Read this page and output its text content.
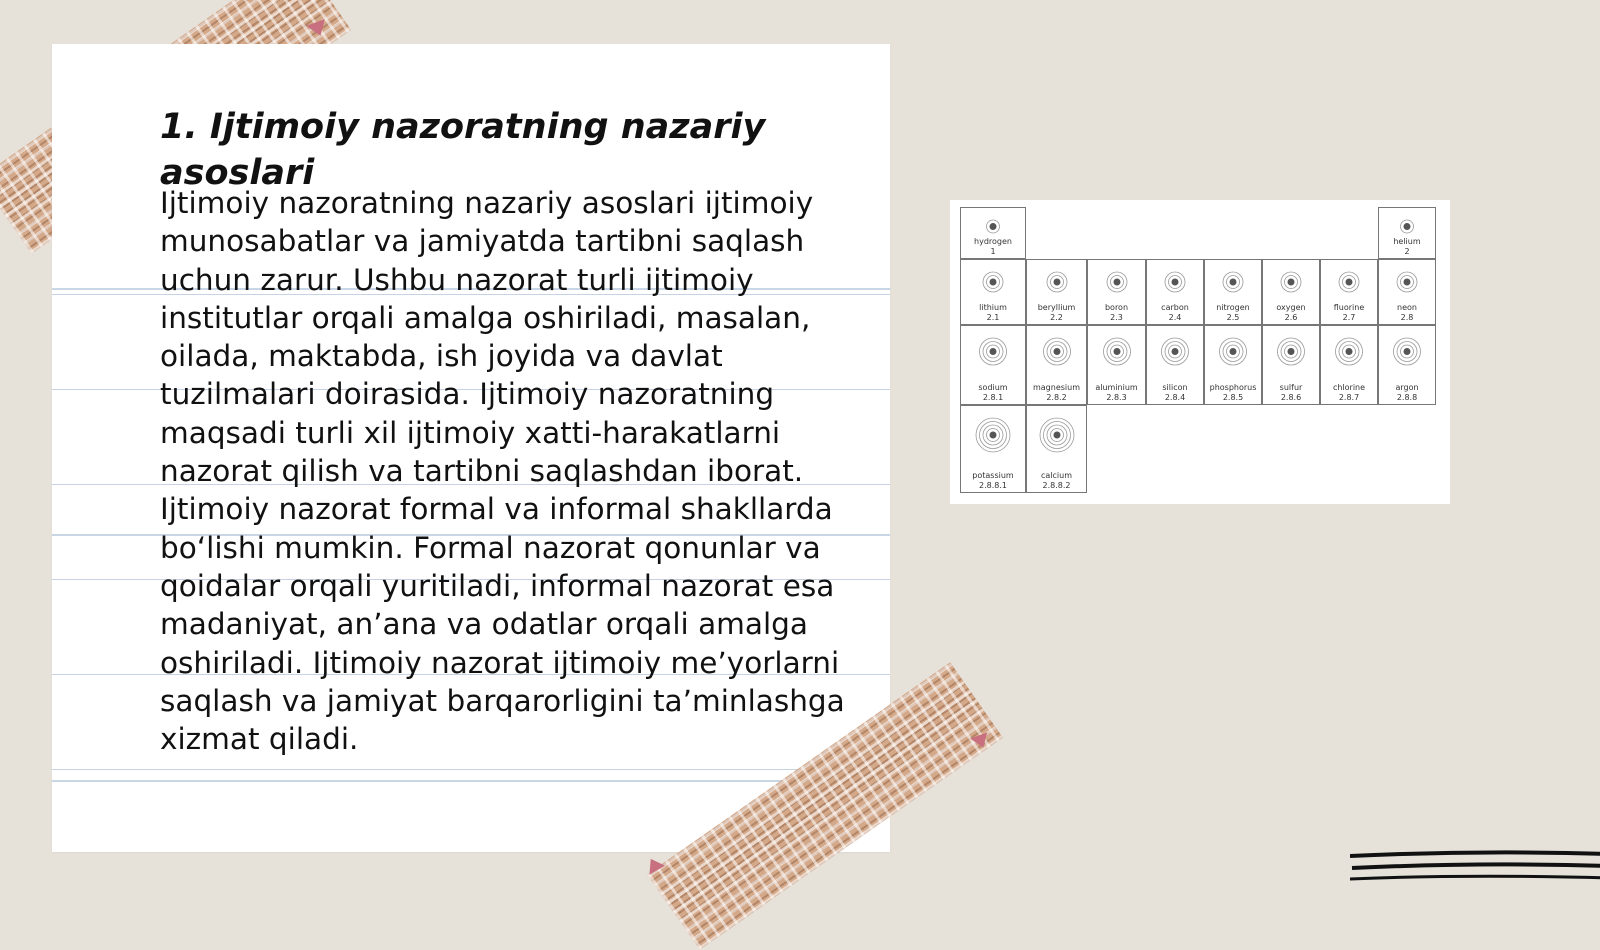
1. Ijtimoiy nazoratning nazariy asoslari

Ijtimoiy nazoratning nazariy asoslari ijtimoiy munosabatlar va jamiyatda tartibni saqlash uchun zarur. Ushbu nazorat turli ijtimoiy institutlar orqali amalga oshiriladi, masalan, oilada, maktabda, ish joyida va davlat tuzilmalari doirasida. Ijtimoiy nazoratning maqsadi turli xil ijtimoiy xatti-harakatlarni nazorat qilish va tartibni saqlashdan iborat. Ijtimoiy nazorat formal va informal shakllarda bo‘lishi mumkin. Formal nazorat qonunlar va qoidalar orqali yuritiladi, informal nazorat esa madaniyat, an’ana va odatlar orqali amalga oshiriladi. Ijtimoiy nazorat ijtimoiy me’yorlarni saqlash va jamiyat barqarorligini ta’minlashga xizmat qiladi.

hydrogen
1
helium
2
lithium
2.1
beryllium
2.2
boron
2.3
carbon
2.4
nitrogen
2.5
oxygen
2.6
fluorine
2.7
neon
2.8
sodium
2.8.1
magnesium
2.8.2
aluminium
2.8.3
silicon
2.8.4
phosphorus
2.8.5
sulfur
2.8.6
chlorine
2.8.7
argon
2.8.8
potassium
2.8.8.1
calcium
2.8.8.2
